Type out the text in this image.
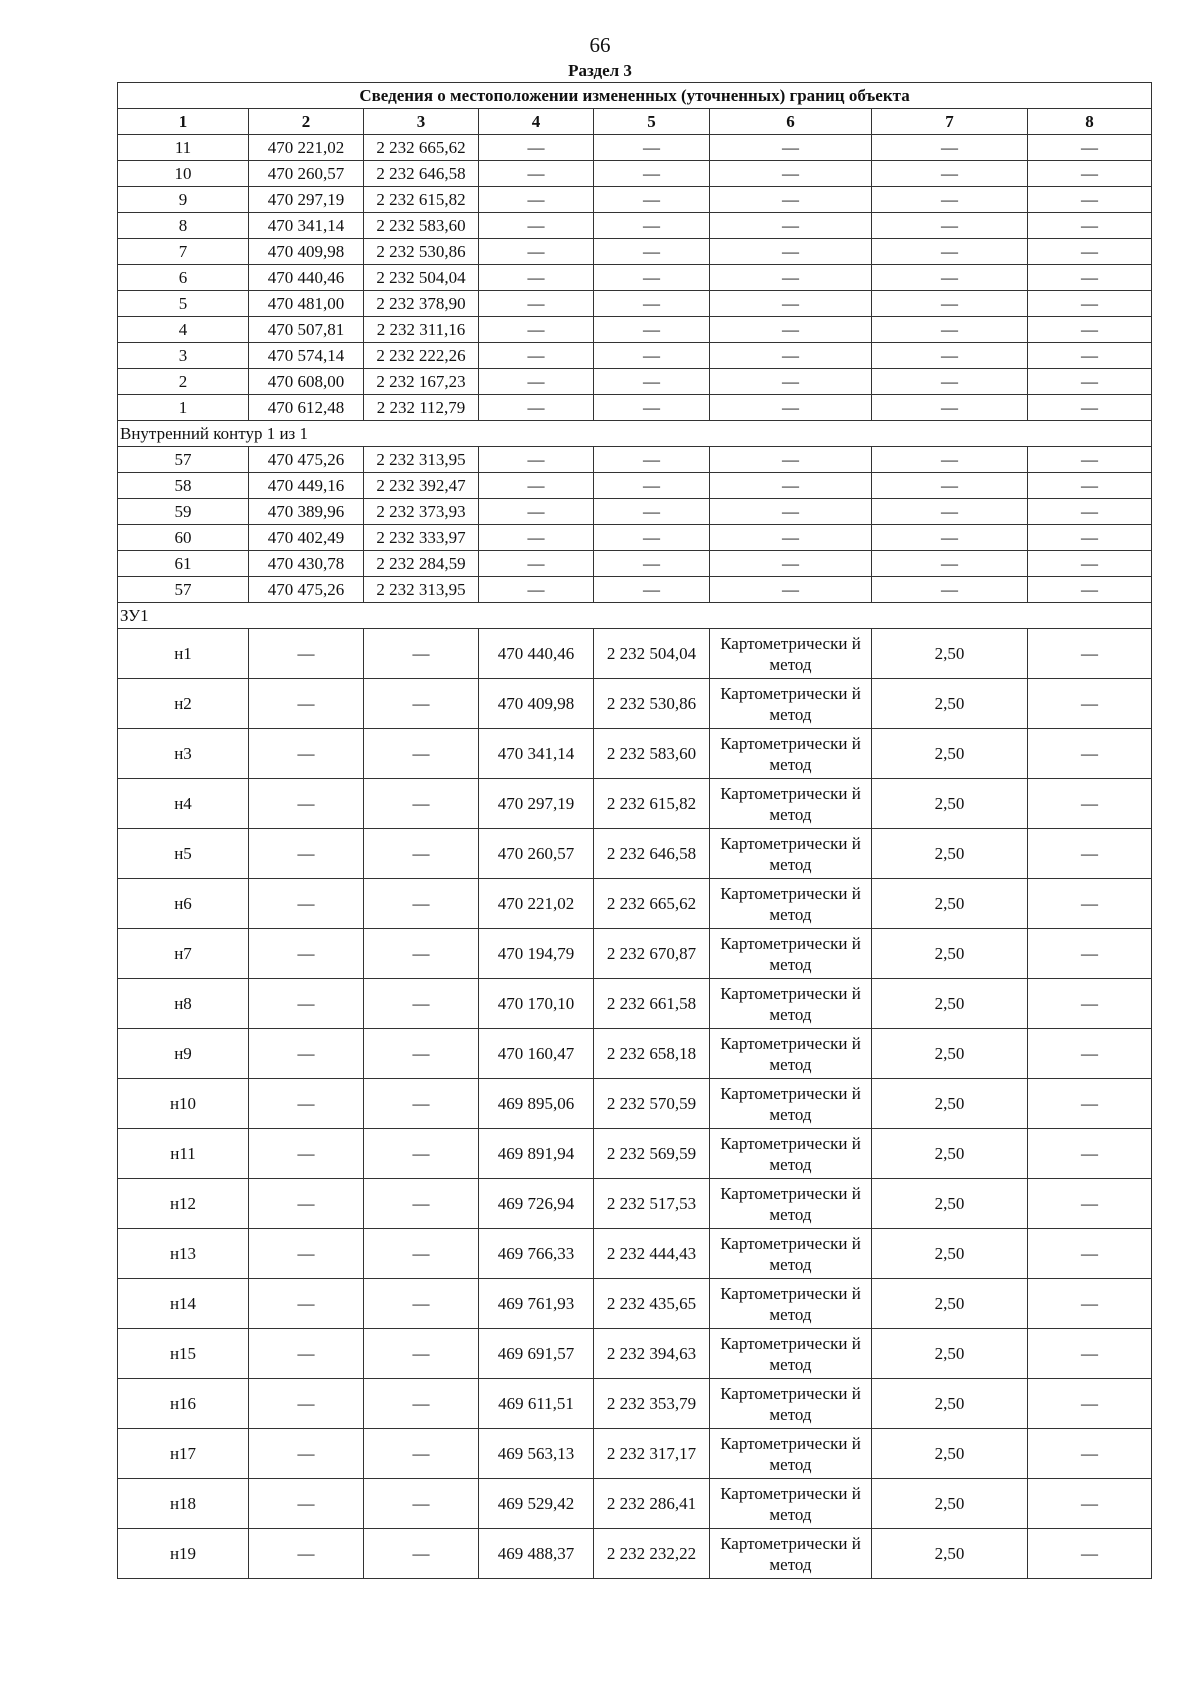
66
Раздел 3
Сведения о местоположении измененных (уточненных) границ объекта							
1	2	3	4	5	6	7	8
11	470 221,02	2 232 665,62	—	—	—	—	—
10	470 260,57	2 232 646,58	—	—	—	—	—
9	470 297,19	2 232 615,82	—	—	—	—	—
8	470 341,14	2 232 583,60	—	—	—	—	—
7	470 409,98	2 232 530,86	—	—	—	—	—
6	470 440,46	2 232 504,04	—	—	—	—	—
5	470 481,00	2 232 378,90	—	—	—	—	—
4	470 507,81	2 232 311,16	—	—	—	—	—
3	470 574,14	2 232 222,26	—	—	—	—	—
2	470 608,00	2 232 167,23	—	—	—	—	—
1	470 612,48	2 232 112,79	—	—	—	—	—
Внутренний контур 1 из 1							
57	470 475,26	2 232 313,95	—	—	—	—	—
58	470 449,16	2 232 392,47	—	—	—	—	—
59	470 389,96	2 232 373,93	—	—	—	—	—
60	470 402,49	2 232 333,97	—	—	—	—	—
61	470 430,78	2 232 284,59	—	—	—	—	—
57	470 475,26	2 232 313,95	—	—	—	—	—
ЗУ1							
н1	—	—	470 440,46	2 232 504,04	Картометрически й метод	2,50	—
н2	—	—	470 409,98	2 232 530,86	Картометрически й метод	2,50	—
н3	—	—	470 341,14	2 232 583,60	Картометрически й метод	2,50	—
н4	—	—	470 297,19	2 232 615,82	Картометрически й метод	2,50	—
н5	—	—	470 260,57	2 232 646,58	Картометрически й метод	2,50	—
н6	—	—	470 221,02	2 232 665,62	Картометрически й метод	2,50	—
н7	—	—	470 194,79	2 232 670,87	Картометрически й метод	2,50	—
н8	—	—	470 170,10	2 232 661,58	Картометрически й метод	2,50	—
н9	—	—	470 160,47	2 232 658,18	Картометрически й метод	2,50	—
н10	—	—	469 895,06	2 232 570,59	Картометрически й метод	2,50	—
н11	—	—	469 891,94	2 232 569,59	Картометрически й метод	2,50	—
н12	—	—	469 726,94	2 232 517,53	Картометрически й метод	2,50	—
н13	—	—	469 766,33	2 232 444,43	Картометрически й метод	2,50	—
н14	—	—	469 761,93	2 232 435,65	Картометрически й метод	2,50	—
н15	—	—	469 691,57	2 232 394,63	Картометрически й метод	2,50	—
н16	—	—	469 611,51	2 232 353,79	Картометрически й метод	2,50	—
н17	—	—	469 563,13	2 232 317,17	Картометрически й метод	2,50	—
н18	—	—	469 529,42	2 232 286,41	Картометрически й метод	2,50	—
н19	—	—	469 488,37	2 232 232,22	Картометрически й метод	2,50	—
